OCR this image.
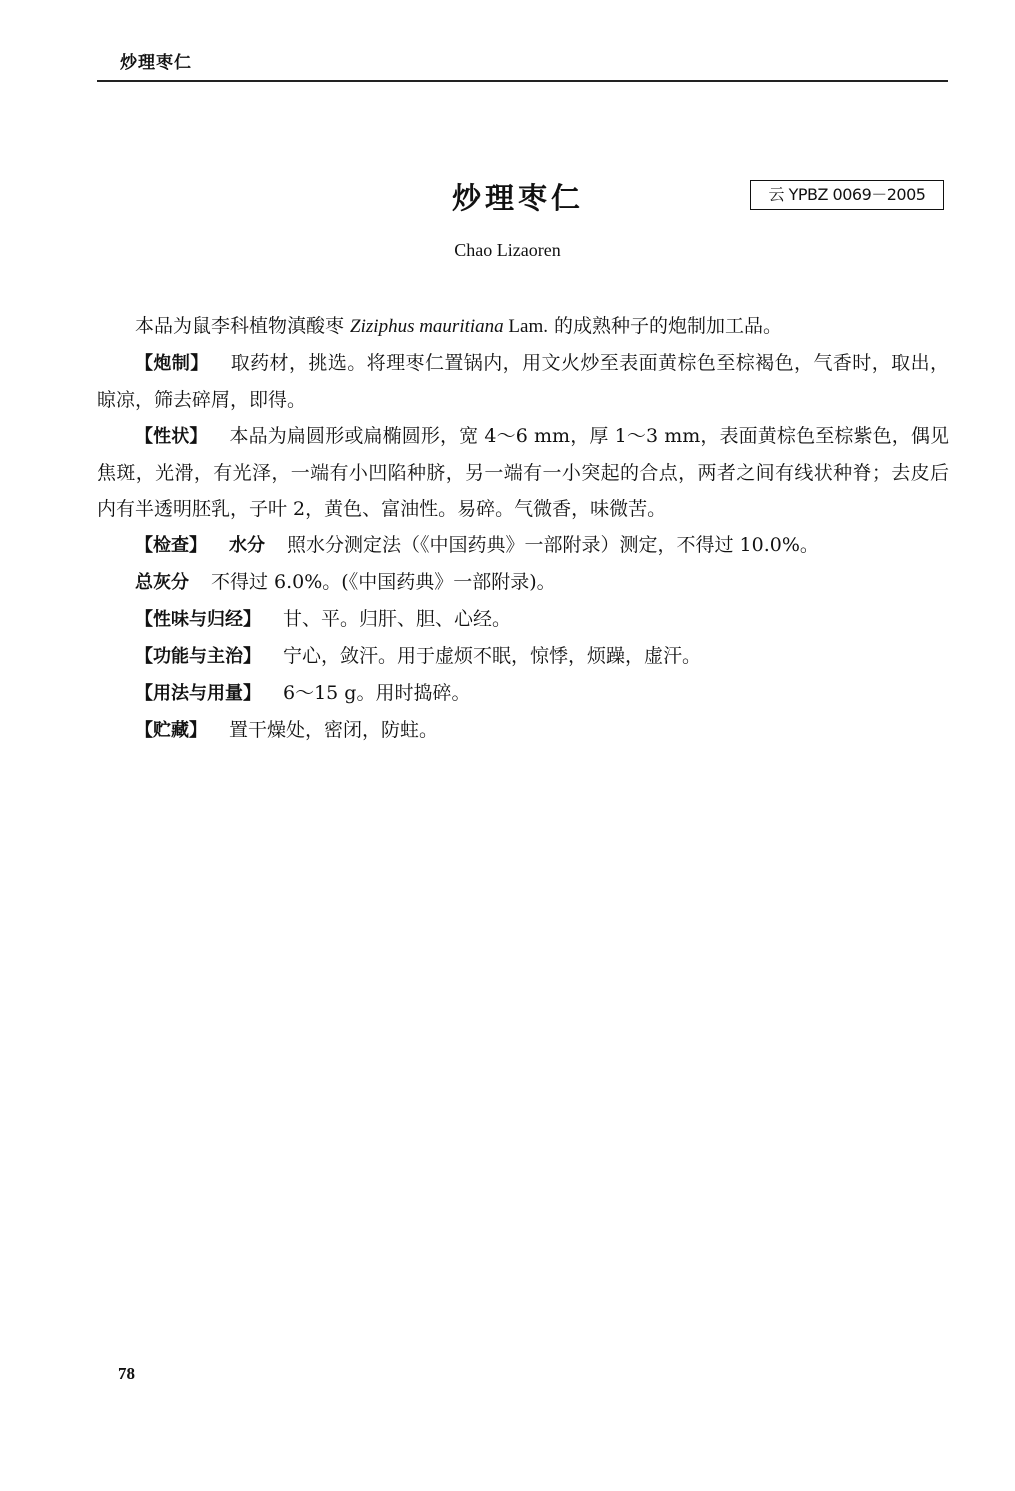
炒理枣仁
炒理枣仁	云 YPBZ 0069－2005
Chao Lizaoren

本品为鼠李科植物滇酸枣 Ziziphus mauritiana Lam. 的成熟种子的炮制加工品。

【炮制】 取药材，挑选。将理枣仁置锅内，用文火炒至表面黄棕色至棕褐色，气香时，取出，晾凉，筛去碎屑，即得。

【性状】 本品为扁圆形或扁椭圆形，宽 4～6 mm，厚 1～3 mm，表面黄棕色至棕紫色，偶见焦斑，光滑，有光泽，一端有小凹陷种脐，另一端有一小突起的合点，两者之间有线状种脊；去皮后内有半透明胚乳，子叶 2，黄色、富油性。易碎。气微香，味微苦。

【检查】 水分 照水分测定法（《中国药典》一部附录）测定，不得过 10.0%。

总灰分 不得过 6.0%。(《中国药典》一部附录)。

【性味与归经】 甘、平。归肝、胆、心经。

【功能与主治】 宁心，敛汗。用于虚烦不眠，惊悸，烦躁，虚汗。

【用法与用量】 6～15 g。用时捣碎。

【贮藏】 置干燥处，密闭，防蛀。

78
